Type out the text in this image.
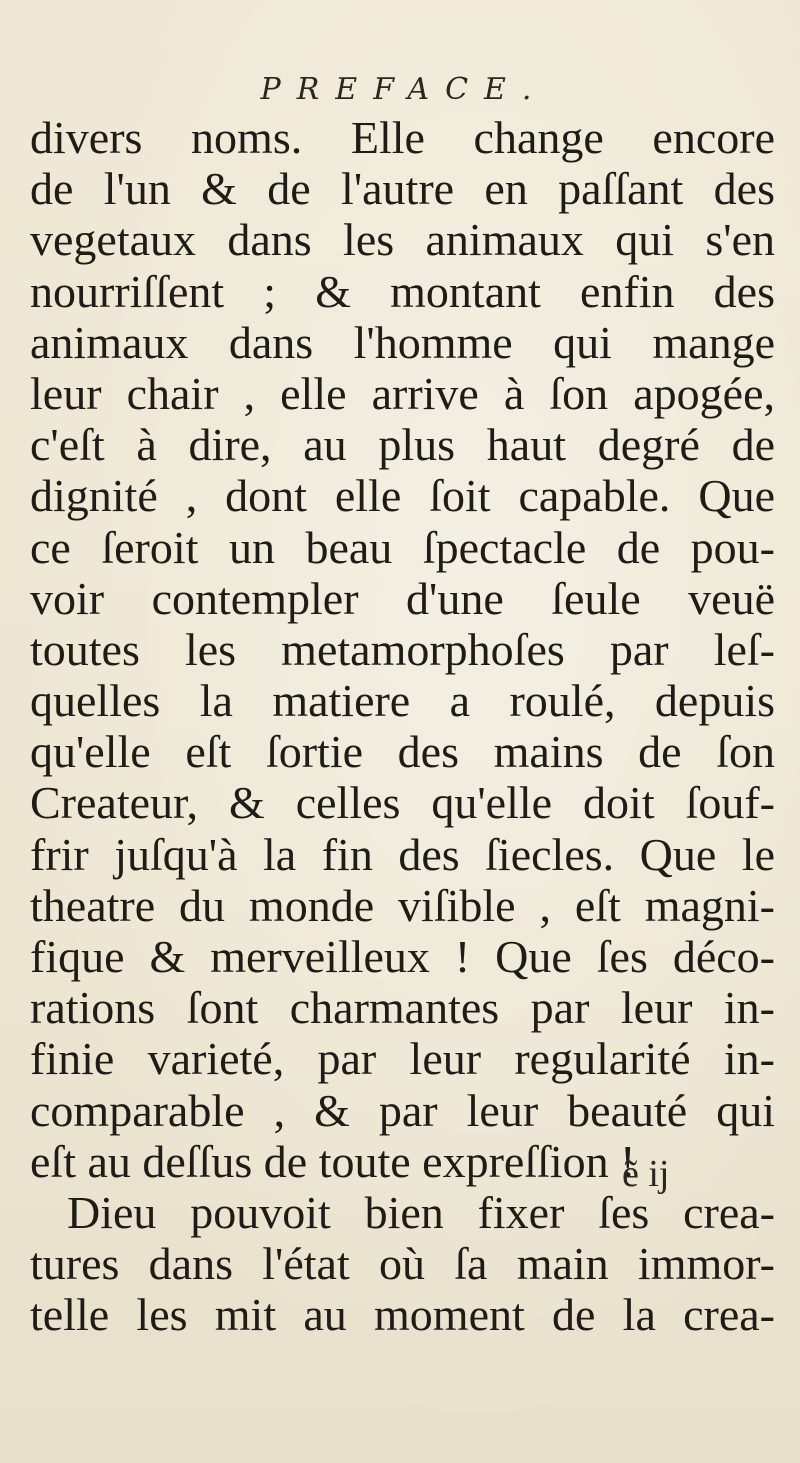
PREFACE.
divers noms. Elle change encore
de l'un & de l'autre en paſſant des
vegetaux dans les animaux qui s'en
nourriſſent ; & montant enfin des
animaux dans l'homme qui mange
leur chair , elle arrive à ſon apogée,
c'eſt à dire, au plus haut degré de
dignité , dont elle ſoit capable. Que
ce ſeroit un beau ſpectacle de pou-
voir contempler d'une ſeule veuë
toutes les metamorphoſes par leſ-
quelles la matiere a roulé, depuis
qu'elle eſt ſortie des mains de ſon
Createur, & celles qu'elle doit ſouf-
frir juſqu'à la fin des ſiecles. Que le
theatre du monde viſible , eſt magni-
fique & merveilleux ! Que ſes déco-
rations ſont charmantes par leur in-
finie varieté, par leur regularité in-
comparable , & par leur beauté qui
eſt au deſſus de toute expreſſion !
Dieu pouvoit bien fixer ſes crea-
tures dans l'état où ſa main immor-
telle les mit au moment de la crea-
ẽ ij
